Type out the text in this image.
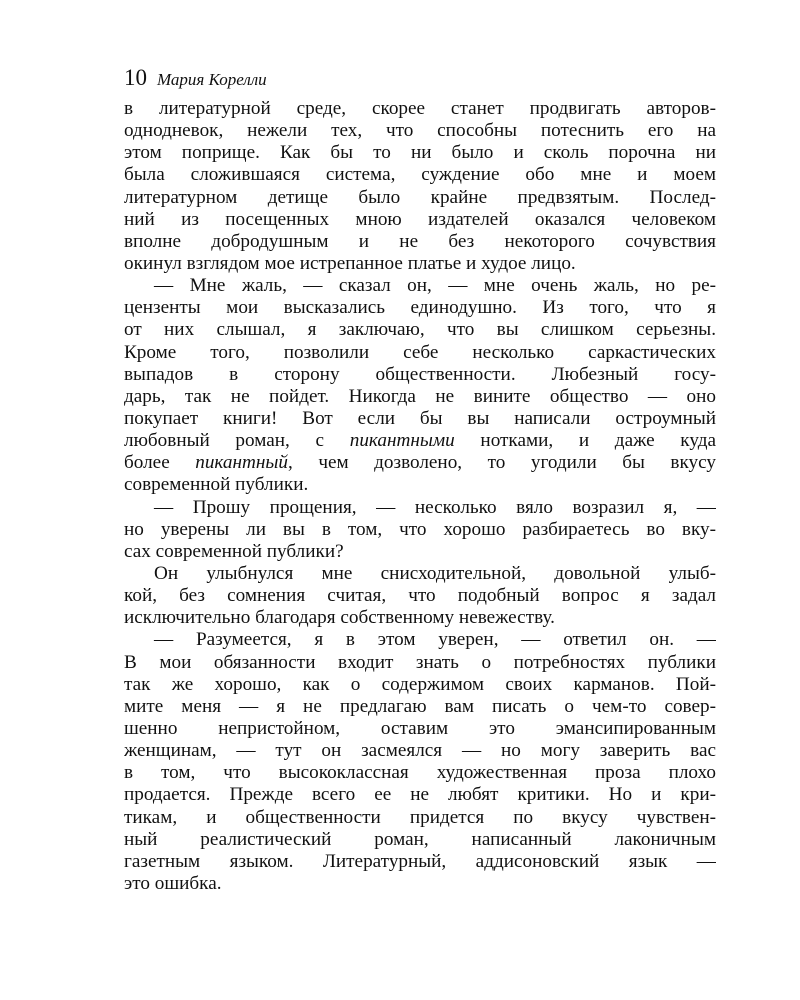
10 Мария Корелли
в литературной среде, скорее станет продвигать авторов-
однодневок, нежели тех, что способны потеснить его на
этом поприще. Как бы то ни было и сколь порочна ни
была сложившаяся система, суждение обо мне и моем
литературном детище было крайне предвзятым. Послед-
ний из посещенных мною издателей оказался человеком
вполне добродушным и не без некоторого сочувствия
окинул взглядом мое истрепанное платье и худое лицо.
— Мне жаль, — сказал он, — мне очень жаль, но ре-
цензенты мои высказались единодушно. Из того, что я
от них слышал, я заключаю, что вы слишком серьезны.
Кроме того, позволили себе несколько саркастических
выпадов в сторону общественности. Любезный госу-
дарь, так не пойдет. Никогда не вините общество — оно
покупает книги! Вот если бы вы написали остроумный
любовный роман, с пикантными нотками, и даже куда
более пикантный, чем дозволено, то угодили бы вкусу
современной публики.
— Прошу прощения, — несколько вяло возразил я, —
но уверены ли вы в том, что хорошо разбираетесь во вку-
сах современной публики?
Он улыбнулся мне снисходительной, довольной улыб-
кой, без сомнения считая, что подобный вопрос я задал
исключительно благодаря собственному невежеству.
— Разумеется, я в этом уверен, — ответил он. —
В мои обязанности входит знать о потребностях публики
так же хорошо, как о содержимом своих карманов. Пой-
мите меня — я не предлагаю вам писать о чем-то совер-
шенно непристойном, оставим это эмансипированным
женщинам, — тут он засмеялся — но могу заверить вас
в том, что высококлассная художественная проза плохо
продается. Прежде всего ее не любят критики. Но и кри-
тикам, и общественности придется по вкусу чувствен-
ный реалистический роман, написанный лаконичным
газетным языком. Литературный, аддисоновский язык —
это ошибка.
